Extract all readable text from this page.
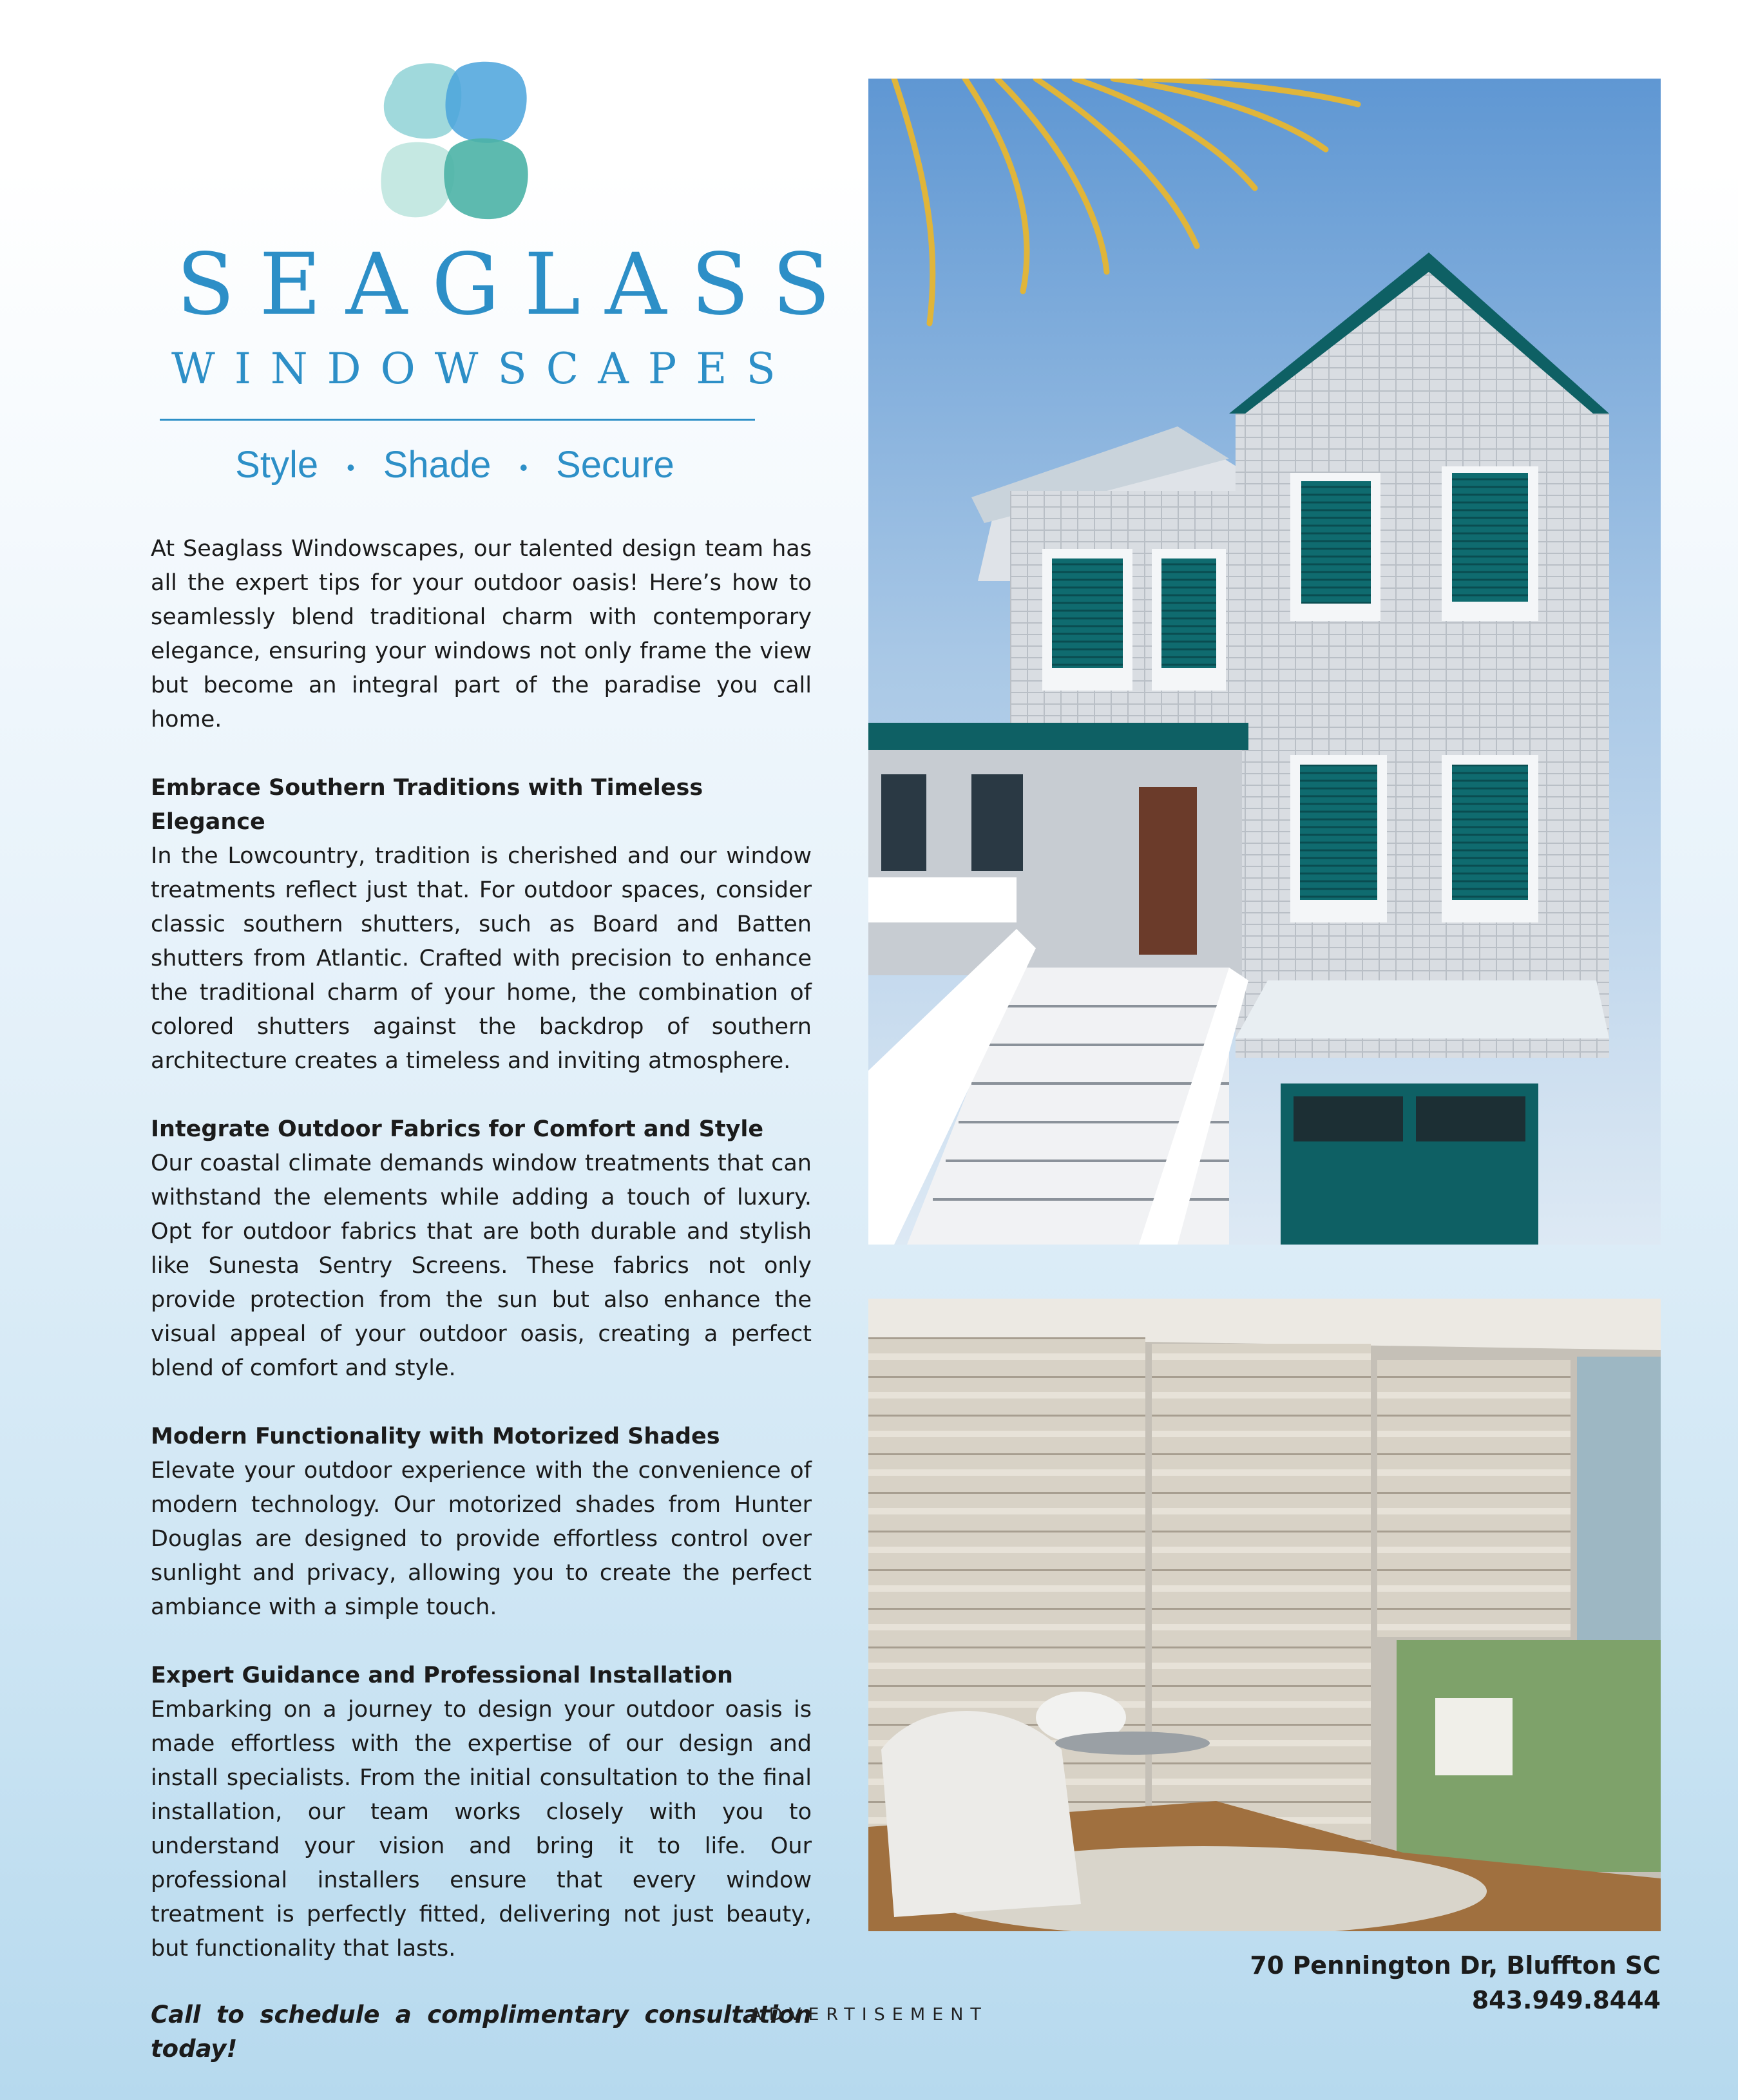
SEAGLASS
WINDOWSCAPES
Style • Shade • Secure

At Seaglass Windowscapes, our talented design team has all the expert tips for your outdoor oasis! Here’s how to seamlessly blend traditional charm with contemporary elegance, ensuring your windows not only frame the view but become an integral part of the paradise you call home.

Embrace Southern Traditions with Timeless Elegance
In the Lowcountry, tradition is cherished and our window treatments reflect just that. For outdoor spaces, consider classic southern shutters, such as Board and Batten shutters from Atlantic. Crafted with precision to enhance the traditional charm of your home, the combination of colored shutters against the backdrop of southern architecture creates a timeless and inviting atmosphere.

Integrate Outdoor Fabrics for Comfort and Style
Our coastal climate demands window treatments that can withstand the elements while adding a touch of luxury. Opt for outdoor fabrics that are both durable and stylish like Sunesta Sentry Screens. These fabrics not only provide protection from the sun but also enhance the visual appeal of your outdoor oasis, creating a perfect blend of comfort and style.

Modern Functionality with Motorized Shades
Elevate your outdoor experience with the convenience of modern technology. Our motorized shades from Hunter Douglas are designed to provide effortless control over sunlight and privacy, allowing you to create the perfect ambiance with a simple touch.

Expert Guidance and Professional Installation
Embarking on a journey to design your outdoor oasis is made effortless with the expertise of our design and install specialists. From the initial consultation to the final installation, our team works closely with you to understand your vision and bring it to life. Our professional installers ensure that every window treatment is perfectly fitted, delivering not just beauty, but functionality that lasts.

Call to schedule a complimentary consultation today!

70 Pennington Dr, Bluffton SC
843.949.8444
ADVERTISEMENT
